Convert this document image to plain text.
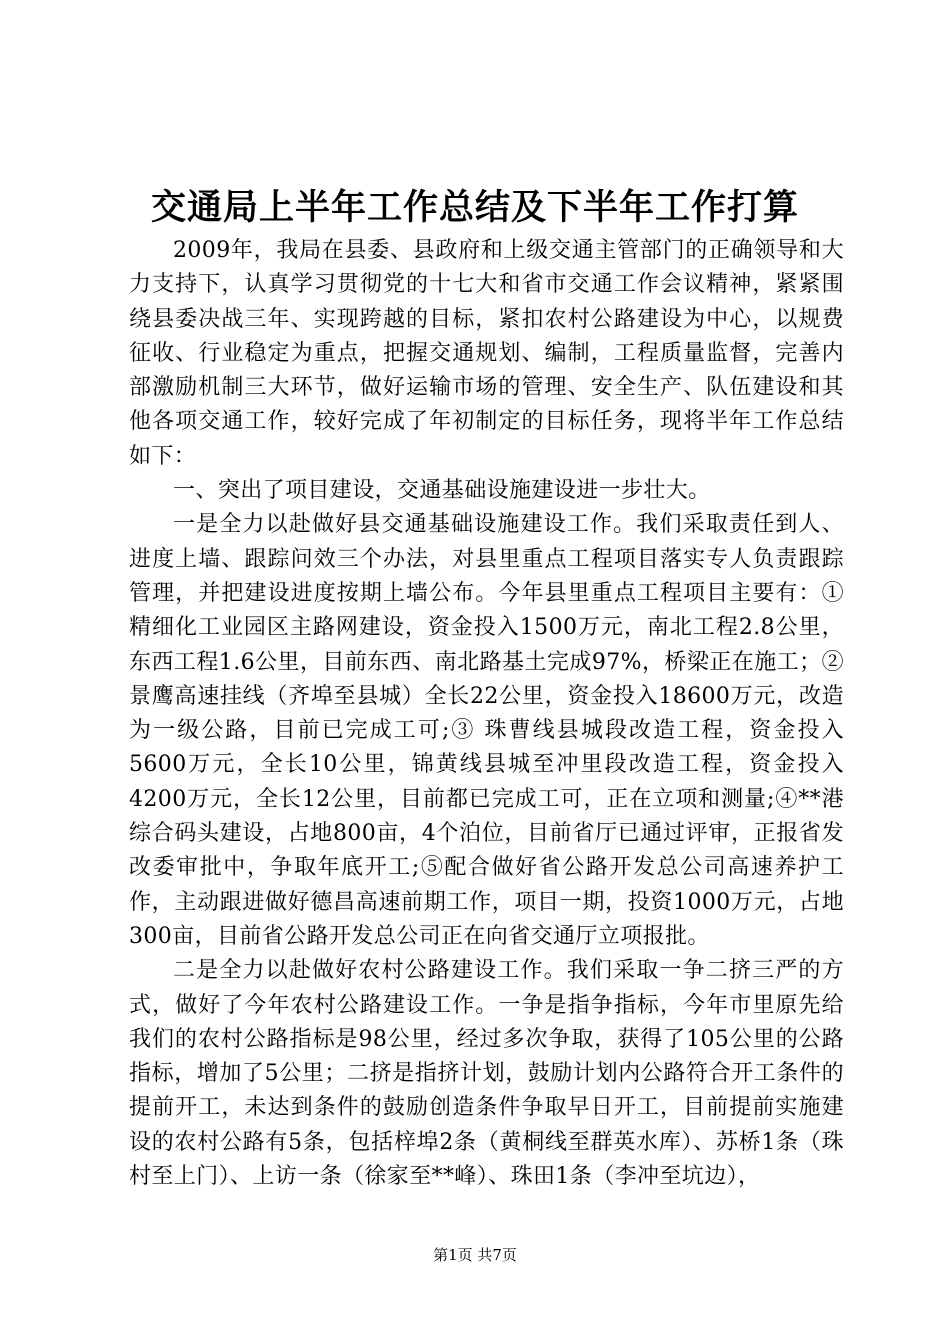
交通局上半年工作总结及下半年工作打算

2009年，我局在县委、县政府和上级交通主管部门的正确领导和大力支持下，认真学习贯彻党的十七大和省市交通工作会议精神，紧紧围绕县委决战三年、实现跨越的目标，紧扣农村公路建设为中心，以规费征收、行业稳定为重点，把握交通规划、编制，工程质量监督，完善内部激励机制三大环节，做好运输市场的管理、安全生产、队伍建设和其他各项交通工作，较好完成了年初制定的目标任务，现将半年工作总结如下：

一、突出了项目建设，交通基础设施建设进一步壮大。

一是全力以赴做好县交通基础设施建设工作。我们采取责任到人、进度上墙、跟踪问效三个办法，对县里重点工程项目落实专人负责跟踪管理，并把建设进度按期上墙公布。今年县里重点工程项目主要有：①精细化工业园区主路网建设，资金投入1500万元，南北工程2.8公里，东西工程1.6公里，目前东西、南北路基土完成97%，桥梁正在施工；②景鹰高速挂线（齐埠至县城）全长22公里，资金投入18600万元，改造为一级公路，目前已完成工可;③ 珠曹线县城段改造工程，资金投入5600万元，全长10公里，锦黄线县城至冲里段改造工程，资金投入4200万元，全长12公里，目前都已完成工可，正在立项和测量;④**港综合码头建设，占地800亩，4个泊位，目前省厅已通过评审，正报省发改委审批中，争取年底开工;⑤配合做好省公路开发总公司高速养护工作，主动跟进做好德昌高速前期工作，项目一期，投资1000万元，占地300亩，目前省公路开发总公司正在向省交通厅立项报批。

二是全力以赴做好农村公路建设工作。我们采取一争二挤三严的方式，做好了今年农村公路建设工作。一争是指争指标，今年市里原先给我们的农村公路指标是98公里，经过多次争取，获得了105公里的公路指标，增加了5公里；二挤是指挤计划，鼓励计划内公路符合开工条件的提前开工，未达到条件的鼓励创造条件争取早日开工，目前提前实施建设的农村公路有5条，包括梓埠2条（黄桐线至群英水库）、苏桥1条（珠村至上门）、上访一条（徐家至**峰）、珠田1条（李冲至坑边），

第1页 共7页
